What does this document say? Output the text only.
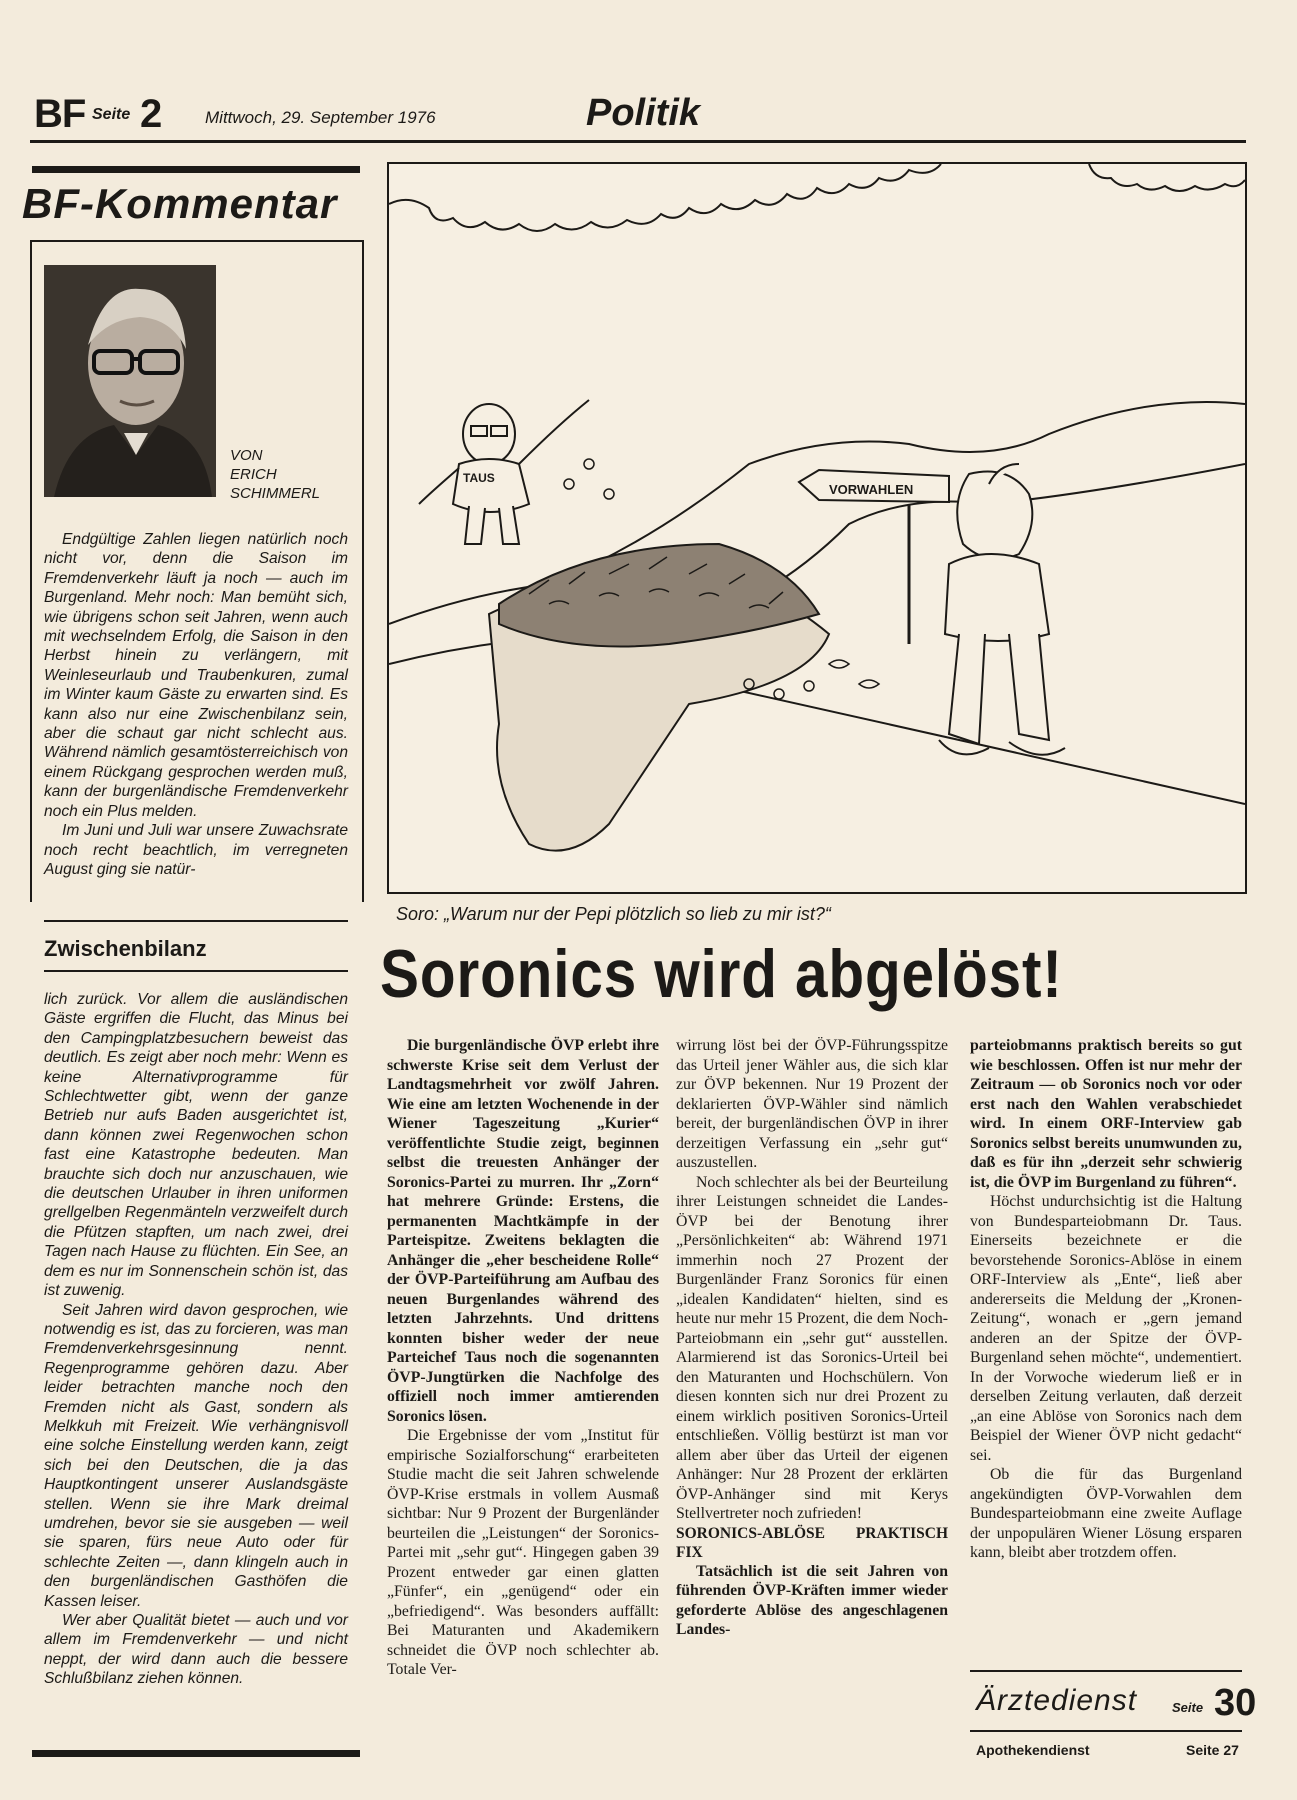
BF Seite 2	Mittwoch, 29. September 1976	Politik
BF-Kommentar
VON
ERICH
SCHIMMERL

Endgültige Zahlen liegen natürlich noch nicht vor, denn die Saison im Fremdenverkehr läuft ja noch — auch im Burgenland. Mehr noch: Man bemüht sich, wie übrigens schon seit Jahren, wenn auch mit wechselndem Erfolg, die Saison in den Herbst hinein zu verlängern, mit Weinleseurlaub und Traubenkuren, zumal im Winter kaum Gäste zu erwarten sind. Es kann also nur eine Zwischenbilanz sein, aber die schaut gar nicht schlecht aus. Während nämlich gesamtösterreichisch von einem Rückgang gesprochen werden muß, kann der burgenländische Fremdenverkehr noch ein Plus melden.

Im Juni und Juli war unsere Zuwachsrate noch recht beachtlich, im verregneten August ging sie natür-

Zwischenbilanz

lich zurück. Vor allem die ausländischen Gäste ergriffen die Flucht, das Minus bei den Campingplatzbesuchern beweist das deutlich. Es zeigt aber noch mehr: Wenn es keine Alternativprogramme für Schlechtwetter gibt, wenn der ganze Betrieb nur aufs Baden ausgerichtet ist, dann können zwei Regenwochen schon fast eine Katastrophe bedeuten. Man brauchte sich doch nur anzuschauen, wie die deutschen Urlauber in ihren uniformen grellgelben Regenmänteln verzweifelt durch die Pfützen stapften, um nach zwei, drei Tagen nach Hause zu flüchten. Ein See, an dem es nur im Sonnenschein schön ist, das ist zuwenig.

Seit Jahren wird davon gesprochen, wie notwendig es ist, das zu forcieren, was man Fremdenverkehrsgesinnung nennt. Regenprogramme gehören dazu. Aber leider betrachten manche noch den Fremden nicht als Gast, sondern als Melkkuh mit Freizeit. Wie verhängnisvoll eine solche Einstellung werden kann, zeigt sich bei den Deutschen, die ja das Hauptkontingent unserer Auslandsgäste stellen. Wenn sie ihre Mark dreimal umdrehen, bevor sie sie ausgeben — weil sie sparen, fürs neue Auto oder für schlechte Zeiten —, dann klingeln auch in den burgenländischen Gasthöfen die Kassen leiser.

Wer aber Qualität bietet — auch und vor allem im Fremdenverkehr — und nicht neppt, der wird dann auch die bessere Schlußbilanz ziehen können.

TAUS
VORWAHLEN
Soro: „Warum nur der Pepi plötzlich so lieb zu mir ist?“
Soronics wird abgelöst!

Die burgenländische ÖVP erlebt ihre schwerste Krise seit dem Verlust der Landtagsmehrheit vor zwölf Jahren. Wie eine am letzten Wochenende in der Wiener Tageszeitung „Kurier“ veröffentlichte Studie zeigt, beginnen selbst die treuesten Anhänger der Soronics-Partei zu murren. Ihr „Zorn“ hat mehrere Gründe: Erstens, die permanenten Machtkämpfe in der Parteispitze. Zweitens beklagten die Anhänger die „eher bescheidene Rolle“ der ÖVP-Parteiführung am Aufbau des neuen Burgenlandes während des letzten Jahrzehnts. Und drittens konnten bisher weder der neue Parteichef Taus noch die sogenannten ÖVP-Jungtürken die Nachfolge des offiziell noch immer amtierenden Soronics lösen.

Die Ergebnisse der vom „Institut für empirische Sozialforschung“ erarbeiteten Studie macht die seit Jahren schwelende ÖVP-Krise erstmals in vollem Ausmaß sichtbar: Nur 9 Prozent der Burgenländer beurteilen die „Leistungen“ der Soronics-Partei mit „sehr gut“. Hingegen gaben 39 Prozent entweder gar einen glatten „Fünfer“, ein „genügend“ oder ein „befriedigend“. Was besonders auffällt: Bei Maturanten und Akademikern schneidet die ÖVP noch schlechter ab. Totale Ver-

wirrung löst bei der ÖVP-Führungsspitze das Urteil jener Wähler aus, die sich klar zur ÖVP bekennen. Nur 19 Prozent der deklarierten ÖVP-Wähler sind nämlich bereit, der burgenländischen ÖVP in ihrer derzeitigen Verfassung ein „sehr gut“ auszustellen.

Noch schlechter als bei der Beurteilung ihrer Leistungen schneidet die Landes-ÖVP bei der Benotung ihrer „Persönlichkeiten“ ab: Während 1971 immerhin noch 27 Prozent der Burgenländer Franz Soronics für einen „idealen Kandidaten“ hielten, sind es heute nur mehr 15 Prozent, die dem Noch-Parteiobmann ein „sehr gut“ ausstellen. Alarmierend ist das Soronics-Urteil bei den Maturanten und Hochschülern. Von diesen konnten sich nur drei Prozent zu einem wirklich positiven Soronics-Urteil entschließen. Völlig bestürzt ist man vor allem aber über das Urteil der eigenen Anhänger: Nur 28 Prozent der erklärten ÖVP-Anhänger sind mit Kerys Stellvertreter noch zufrieden!

SORONICS-ABLÖSE PRAKTISCH FIX

Tatsächlich ist die seit Jahren von führenden ÖVP-Kräften immer wieder geforderte Ablöse des angeschlagenen Landes-

parteiobmanns praktisch bereits so gut wie beschlossen. Offen ist nur mehr der Zeitraum — ob Soronics noch vor oder erst nach den Wahlen verabschiedet wird. In einem ORF-Interview gab Soronics selbst bereits unumwunden zu, daß es für ihn „derzeit sehr schwierig ist, die ÖVP im Burgenland zu führen“.

Höchst undurchsichtig ist die Haltung von Bundesparteiobmann Dr. Taus. Einerseits bezeichnete er die bevorstehende Soronics-Ablöse in einem ORF-Interview als „Ente“, ließ aber andererseits die Meldung der „Kronen-Zeitung“, wonach er „gern jemand anderen an der Spitze der ÖVP-Burgenland sehen möchte“, undementiert. In der Vorwoche wiederum ließ er in derselben Zeitung verlauten, daß derzeit „an eine Ablöse von Soronics nach dem Beispiel der Wiener ÖVP nicht gedacht“ sei.

Ob die für das Burgenland angekündigten ÖVP-Vorwahlen dem Bundesparteiobmann eine zweite Auflage der unpopulären Wiener Lösung ersparen kann, bleibt aber trotzdem offen.

Ärztedienst	Seite 30
Apothekendienst	Seite 27
